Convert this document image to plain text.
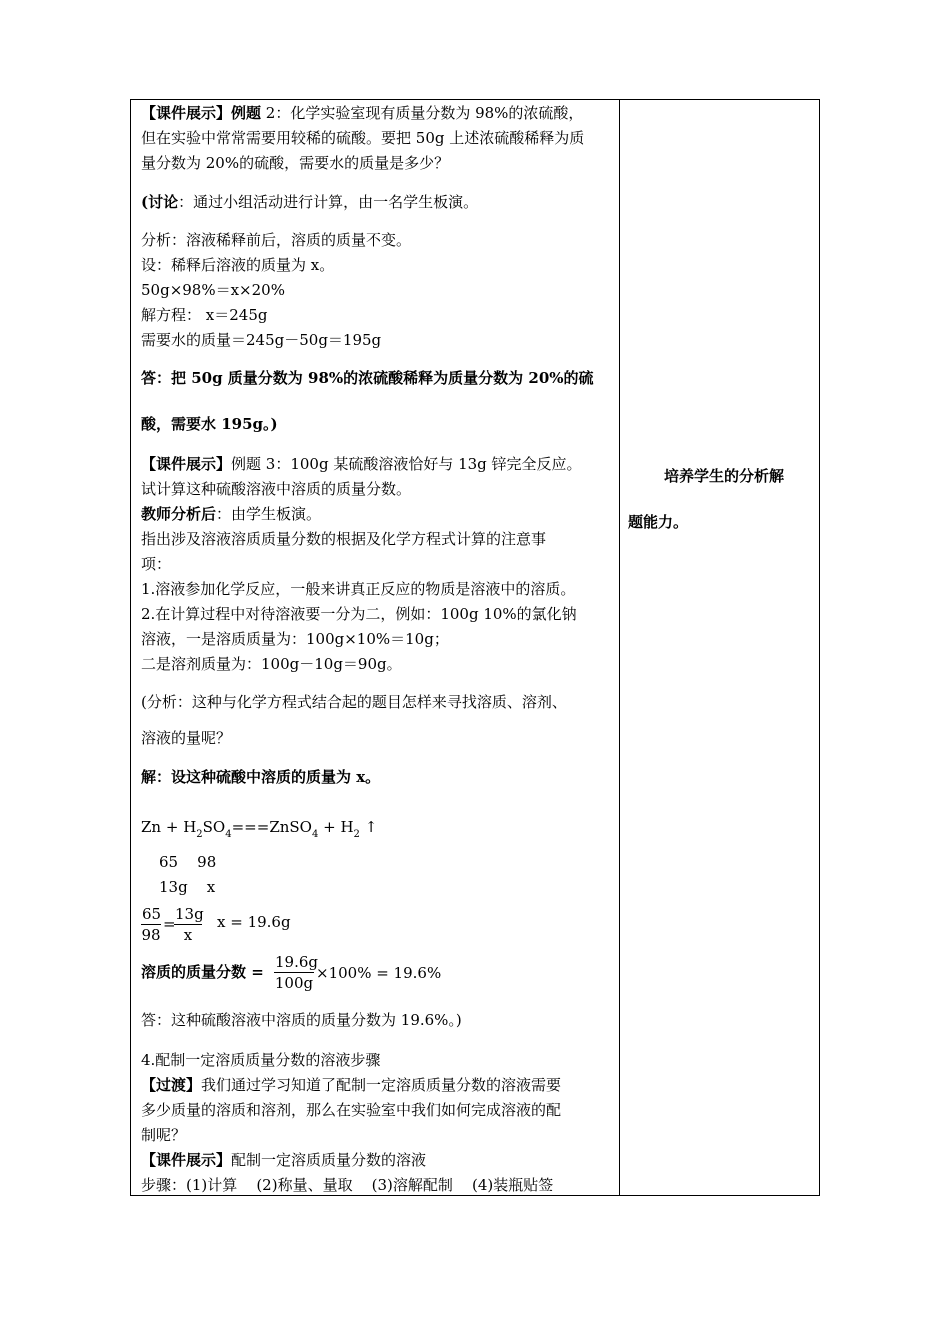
【课件展示】例题 2：化学实验室现有质量分数为 98%的浓硫酸，
但在实验中常常需要用较稀的硫酸。要把 50g 上述浓硫酸稀释为质
量分数为 20%的硫酸，需要水的质量是多少？
(讨论：通过小组活动进行计算，由一名学生板演。
分析：溶液稀释前后，溶质的质量不变。
设：稀释后溶液的质量为 x。
50g×98%＝x×20%
解方程： x＝245g
需要水的质量＝245g－50g＝195g
答：把 50g 质量分数为 98%的浓硫酸稀释为质量分数为 20%的硫
酸，需要水 195g。)
【课件展示】例题 3：100g 某硫酸溶液恰好与 13g 锌完全反应。
试计算这种硫酸溶液中溶质的质量分数。
教师分析后：由学生板演。
指出涉及溶液溶质质量分数的根据及化学方程式计算的注意事
项：
1.溶液参加化学反应，一般来讲真正反应的物质是溶液中的溶质。
2.在计算过程中对待溶液要一分为二，例如：100g 10%的氯化钠
溶液，一是溶质质量为：100g×10%＝10g；
二是溶剂质量为：100g－10g＝90g。
(分析：这种与化学方程式结合起的题目怎样来寻找溶质、溶剂、
溶液的量呢？
解：设这种硫酸中溶质的质量为 x。
$Zn + H_2SO_4===ZnSO_4 + H_2$ ↑
65    98
13g    x
$\frac{65}{98}$ =
$\frac{13g}{x}$ x = 19.6g
溶质的质量分数 = $\frac{19.6g}{100g} \times 100\% = 19.6\%$
答：这种硫酸溶液中溶质的质量分数为 19.6%。)
4.配制一定溶质质量分数的溶液步骤
【过渡】我们通过学习知道了配制一定溶质质量分数的溶液需要
多少质量的溶质和溶剂，那么在实验室中我们如何完成溶液的配
制呢？
【课件展示】配制一定溶质质量分数的溶液
步骤：(1)计算    (2)称量、量取    (3)溶解配制    (4)装瓶贴签
培养学生的分析解
题能力。
